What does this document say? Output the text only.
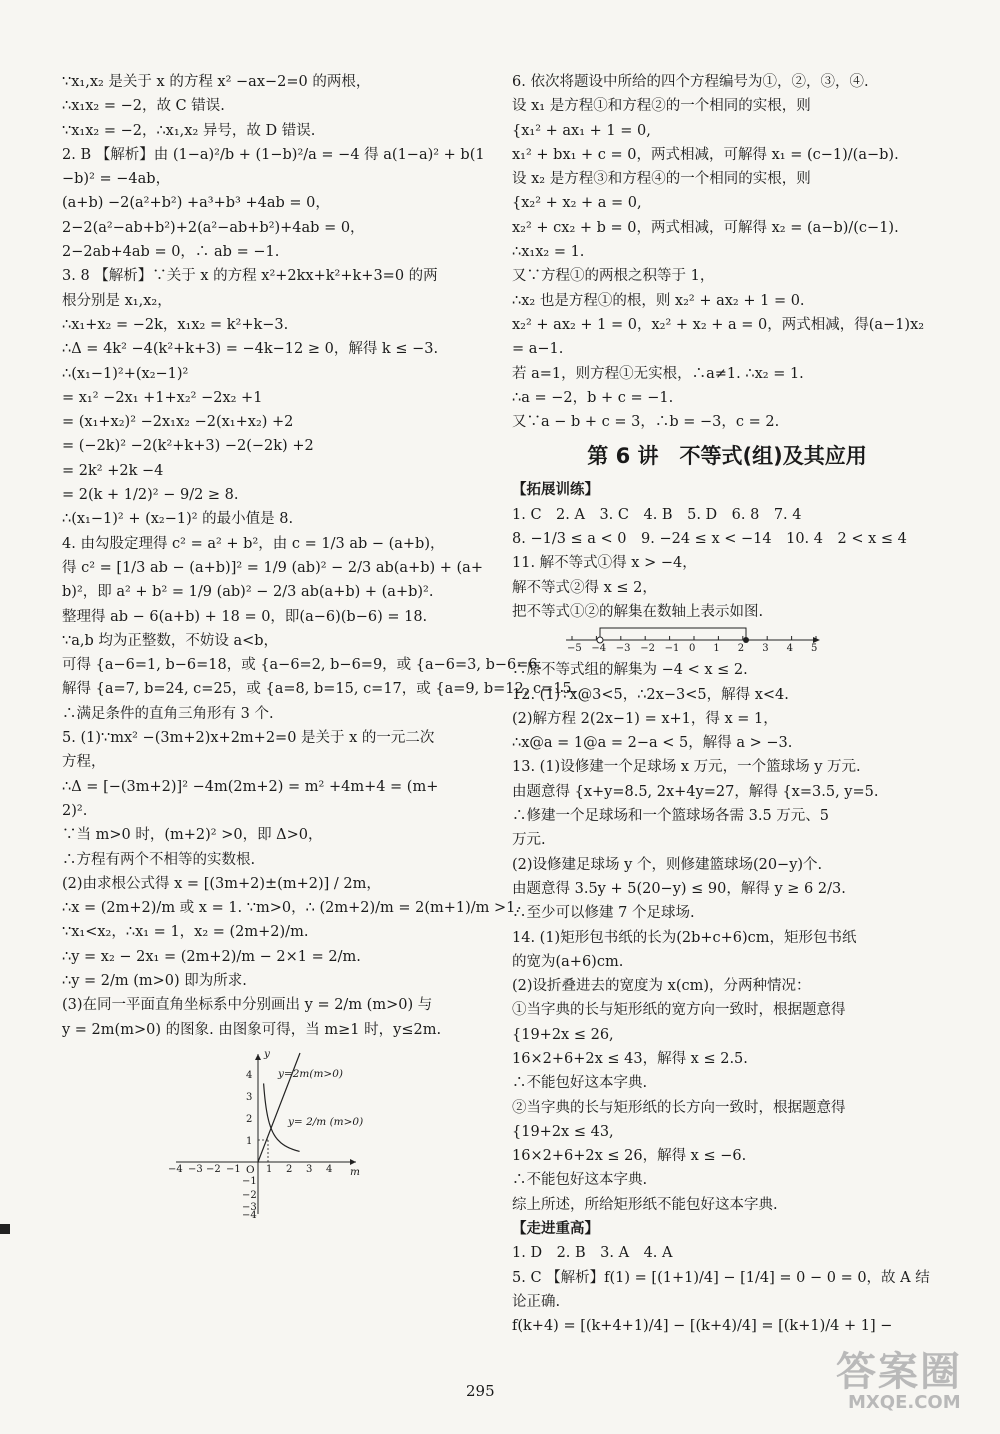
∵x₁,x₂ 是关于 x 的方程 x² −ax−2=0 的两根，
∴x₁x₂ = −2，故 C 错误.
∵x₁x₂ = −2，∴x₁,x₂ 异号，故 D 错误.
2. B 【解析】由 (1−a)²/b + (1−b)²/a = −4 得 a(1−a)² + b(1
−b)² = −4ab，
(a+b) −2(a²+b²) +a³+b³ +4ab = 0，
2−2(a²−ab+b²)+2(a²−ab+b²)+4ab = 0，
2−2ab+4ab = 0，∴ ab = −1.
3. 8 【解析】∵关于 x 的方程 x²+2kx+k²+k+3=0 的两
根分别是 x₁,x₂，
∴x₁+x₂ = −2k，x₁x₂ = k²+k−3.
∴Δ = 4k² −4(k²+k+3) = −4k−12 ≥ 0，解得 k ≤ −3.
∴(x₁−1)²+(x₂−1)²
= x₁² −2x₁ +1+x₂² −2x₂ +1
= (x₁+x₂)² −2x₁x₂ −2(x₁+x₂) +2
= (−2k)² −2(k²+k+3) −2(−2k) +2
= 2k² +2k −4
= 2(k + 1/2)² − 9/2 ≥ 8.
∴(x₁−1)² + (x₂−1)² 的最小值是 8.
4. 由勾股定理得 c² = a² + b²，由 c = 1/3 ab − (a+b)，
得 c² = [1/3 ab − (a+b)]² = 1/9 (ab)² − 2/3 ab(a+b) + (a+
b)²，即 a² + b² = 1/9 (ab)² − 2/3 ab(a+b) + (a+b)².
整理得 ab − 6(a+b) + 18 = 0，即(a−6)(b−6) = 18.
∵a,b 均为正整数，不妨设 a<b，
可得 {a−6=1, b−6=18，或 {a−6=2, b−6=9，或 {a−6=3, b−6=6.
解得 {a=7, b=24, c=25，或 {a=8, b=15, c=17，或 {a=9, b=12, c=15.
∴满足条件的直角三角形有 3 个.
5. (1)∵mx² −(3m+2)x+2m+2=0 是关于 x 的一元二次
方程，
∴Δ = [−(3m+2)]² −4m(2m+2) = m² +4m+4 = (m+
2)².
∵当 m>0 时，(m+2)² >0，即 Δ>0，
∴方程有两个不相等的实数根.
(2)由求根公式得 x = [(3m+2)±(m+2)] / 2m，
∴x = (2m+2)/m 或 x = 1. ∵m>0，∴ (2m+2)/m = 2(m+1)/m >1.
∵x₁<x₂，∴x₁ = 1，x₂ = (2m+2)/m.
∴y = x₂ − 2x₁ = (2m+2)/m − 2×1 = 2/m.
∴y = 2/m (m>0) 即为所求.
(3)在同一平面直角坐标系中分别画出 y = 2/m (m>0) 与
y = 2m(m>0) 的图象. 由图象可得，当 m≥1 时，y≤2m.
y
m
O
y=2m(m>0)
y= 2/m (m>0)
−4 −3 −2 −1	1 2 3 4
4
3
2
1
−1
−2
−3
−4
6. 依次将题设中所给的四个方程编号为①，②，③，④.
设 x₁ 是方程①和方程②的一个相同的实根，则
{x₁² + ax₁ + 1 = 0,
x₁² + bx₁ + c = 0，两式相减，可解得 x₁ = (c−1)/(a−b).
设 x₂ 是方程③和方程④的一个相同的实根，则
{x₂² + x₂ + a = 0,
x₂² + cx₂ + b = 0，两式相减，可解得 x₂ = (a−b)/(c−1).
∴x₁x₂ = 1.
又∵方程①的两根之积等于 1，
∴x₂ 也是方程①的根，则 x₂² + ax₂ + 1 = 0.
x₂² + ax₂ + 1 = 0，x₂² + x₂ + a = 0，两式相减，得(a−1)x₂
= a−1.
若 a=1，则方程①无实根，∴a≠1. ∴x₂ = 1.
∴a = −2，b + c = −1.
又∵a − b + c = 3，∴b = −3，c = 2.
第 6 讲　不等式(组)及其应用
【拓展训练】
1. C　2. A　3. C　4. B　5. D　6. 8　7. 4
8. −1/3 ≤ a < 0　9. −24 ≤ x < −14　10. 4　2 < x ≤ 4
11. 解不等式①得 x > −4，
解不等式②得 x ≤ 2，
把不等式①②的解集在数轴上表示如图.
−5 −4 −3 −2 −1 0 1 2 3 4 5
∴原不等式组的解集为 −4 < x ≤ 2.
12. (1)∵x@3<5，∴2x−3<5，解得 x<4.
(2)解方程 2(2x−1) = x+1，得 x = 1，
∴x@a = 1@a = 2−a < 5，解得 a > −3.
13. (1)设修建一个足球场 x 万元，一个篮球场 y 万元.
由题意得 {x+y=8.5, 2x+4y=27，解得 {x=3.5, y=5.
∴修建一个足球场和一个篮球场各需 3.5 万元、5
万元.
(2)设修建足球场 y 个，则修建篮球场(20−y)个.
由题意得 3.5y + 5(20−y) ≤ 90，解得 y ≥ 6 2/3.
∴至少可以修建 7 个足球场.
14. (1)矩形包书纸的长为(2b+c+6)cm，矩形包书纸
的宽为(a+6)cm.
(2)设折叠进去的宽度为 x(cm)，分两种情况：
①当字典的长与矩形纸的宽方向一致时，根据题意得
{19+2x ≤ 26,
16×2+6+2x ≤ 43，解得 x ≤ 2.5.
∴不能包好这本字典.
②当字典的长与矩形纸的长方向一致时，根据题意得
{19+2x ≤ 43,
16×2+6+2x ≤ 26，解得 x ≤ −6.
∴不能包好这本字典.
综上所述，所给矩形纸不能包好这本字典.
【走进重高】
1. D　2. B　3. A　4. A
5. C 【解析】f(1) = [(1+1)/4] − [1/4] = 0 − 0 = 0，故 A 结
论正确.
f(k+4) = [(k+4+1)/4] − [(k+4)/4] = [(k+1)/4 + 1] −
295	答案圈
MXQE.COM
